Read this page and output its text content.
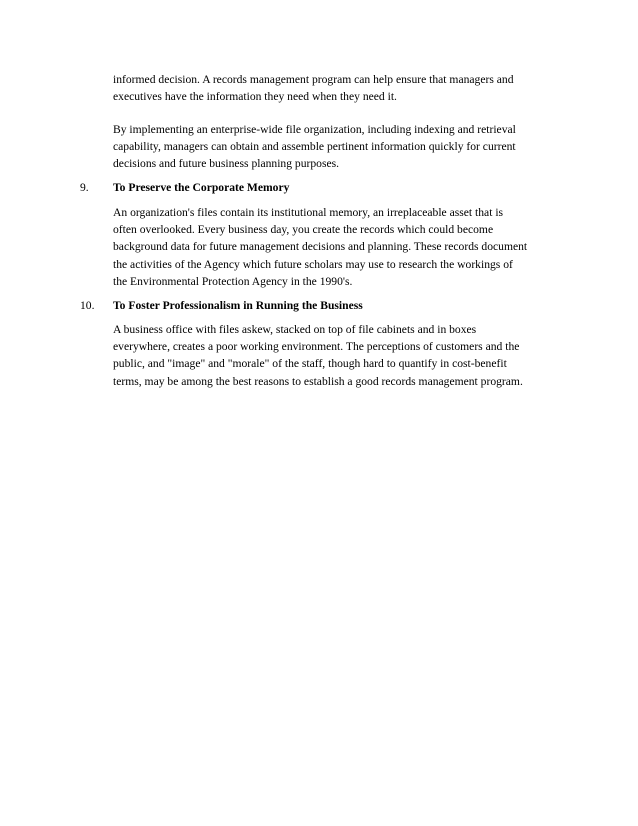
informed decision. A records management program can help ensure that managers and
executives have the information they need when they need it.

By implementing an enterprise-wide file organization, including indexing and retrieval
capability, managers can obtain and assemble pertinent information quickly for current
decisions and future business planning purposes.

9. To Preserve the Corporate Memory

An organization's files contain its institutional memory, an irreplaceable asset that is
often overlooked. Every business day, you create the records which could become
background data for future management decisions and planning. These records document
the activities of the Agency which future scholars may use to research the workings of
the Environmental Protection Agency in the 1990's.

10. To Foster Professionalism in Running the Business

A business office with files askew, stacked on top of file cabinets and in boxes
everywhere, creates a poor working environment. The perceptions of customers and the
public, and "image" and "morale" of the staff, though hard to quantify in cost-benefit
terms, may be among the best reasons to establish a good records management program.
